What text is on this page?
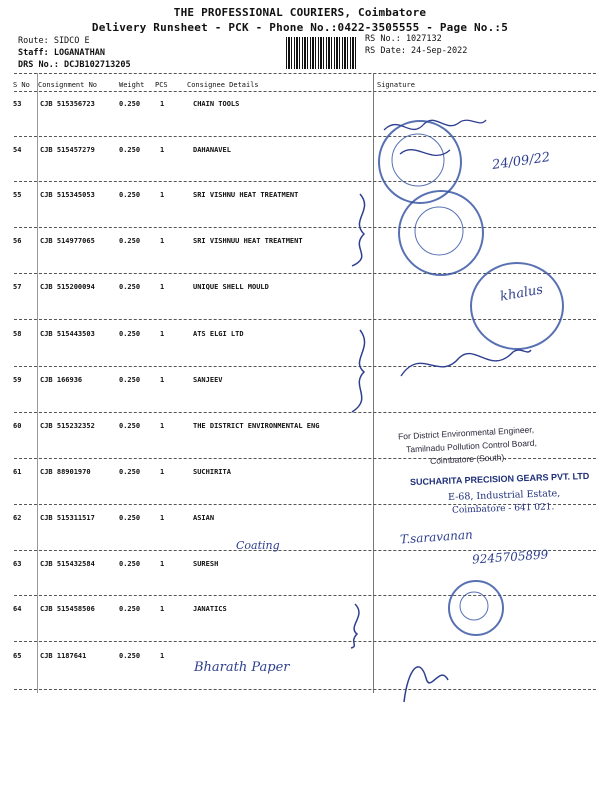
THE PROFESSIONAL COURIERS, Coimbatore
Delivery Runsheet - PCK - Phone No.:0422-3505555 - Page No.:5
Route: SIDCO E
Staff: LOGANATHAN
DRS No.: DCJB102713205
RS No.: 1027132
RS Date: 24-Sep-2022
S No Consignment No	Weight PCS	Consignee Details	Signature
53	CJB 515356723	0.250	1	CHAIN TOOLS
54	CJB 515457279	0.250	1	DAHANAVEL
55	CJB 515345053	0.250	1	SRI VISHNU HEAT TREATMENT
56	CJB 514977065	0.250	1	SRI VISHNUU HEAT TREATMENT
57	CJB 515200094	0.250	1	UNIQUE SHELL MOULD
58	CJB 515443503	0.250	1	ATS ELGI LTD
59	CJB 166936	0.250	1	SANJEEV
60	CJB 515232352	0.250	1	THE DISTRICT ENVIRONMENTAL ENG
61	CJB 88901970	0.250	1	SUCHIRITA
62	CJB 515311517	0.250	1	ASIAN
63	CJB 515432584	0.250	1	SURESH
64	CJB 515458506	0.250	1	JANATICS
65	CJB 1187641	0.250	1
Coating
Bharath Paper
24/09/22
khalus
T.saravanan
9245705899
For District Environmental Engineer,
Tamilnadu Pollution Control Board,
Coimbatore (South).
SUCHARITA PRECISION GEARS PVT. LTD
E-68, Industrial Estate,
Coimbatore - 641 021.
